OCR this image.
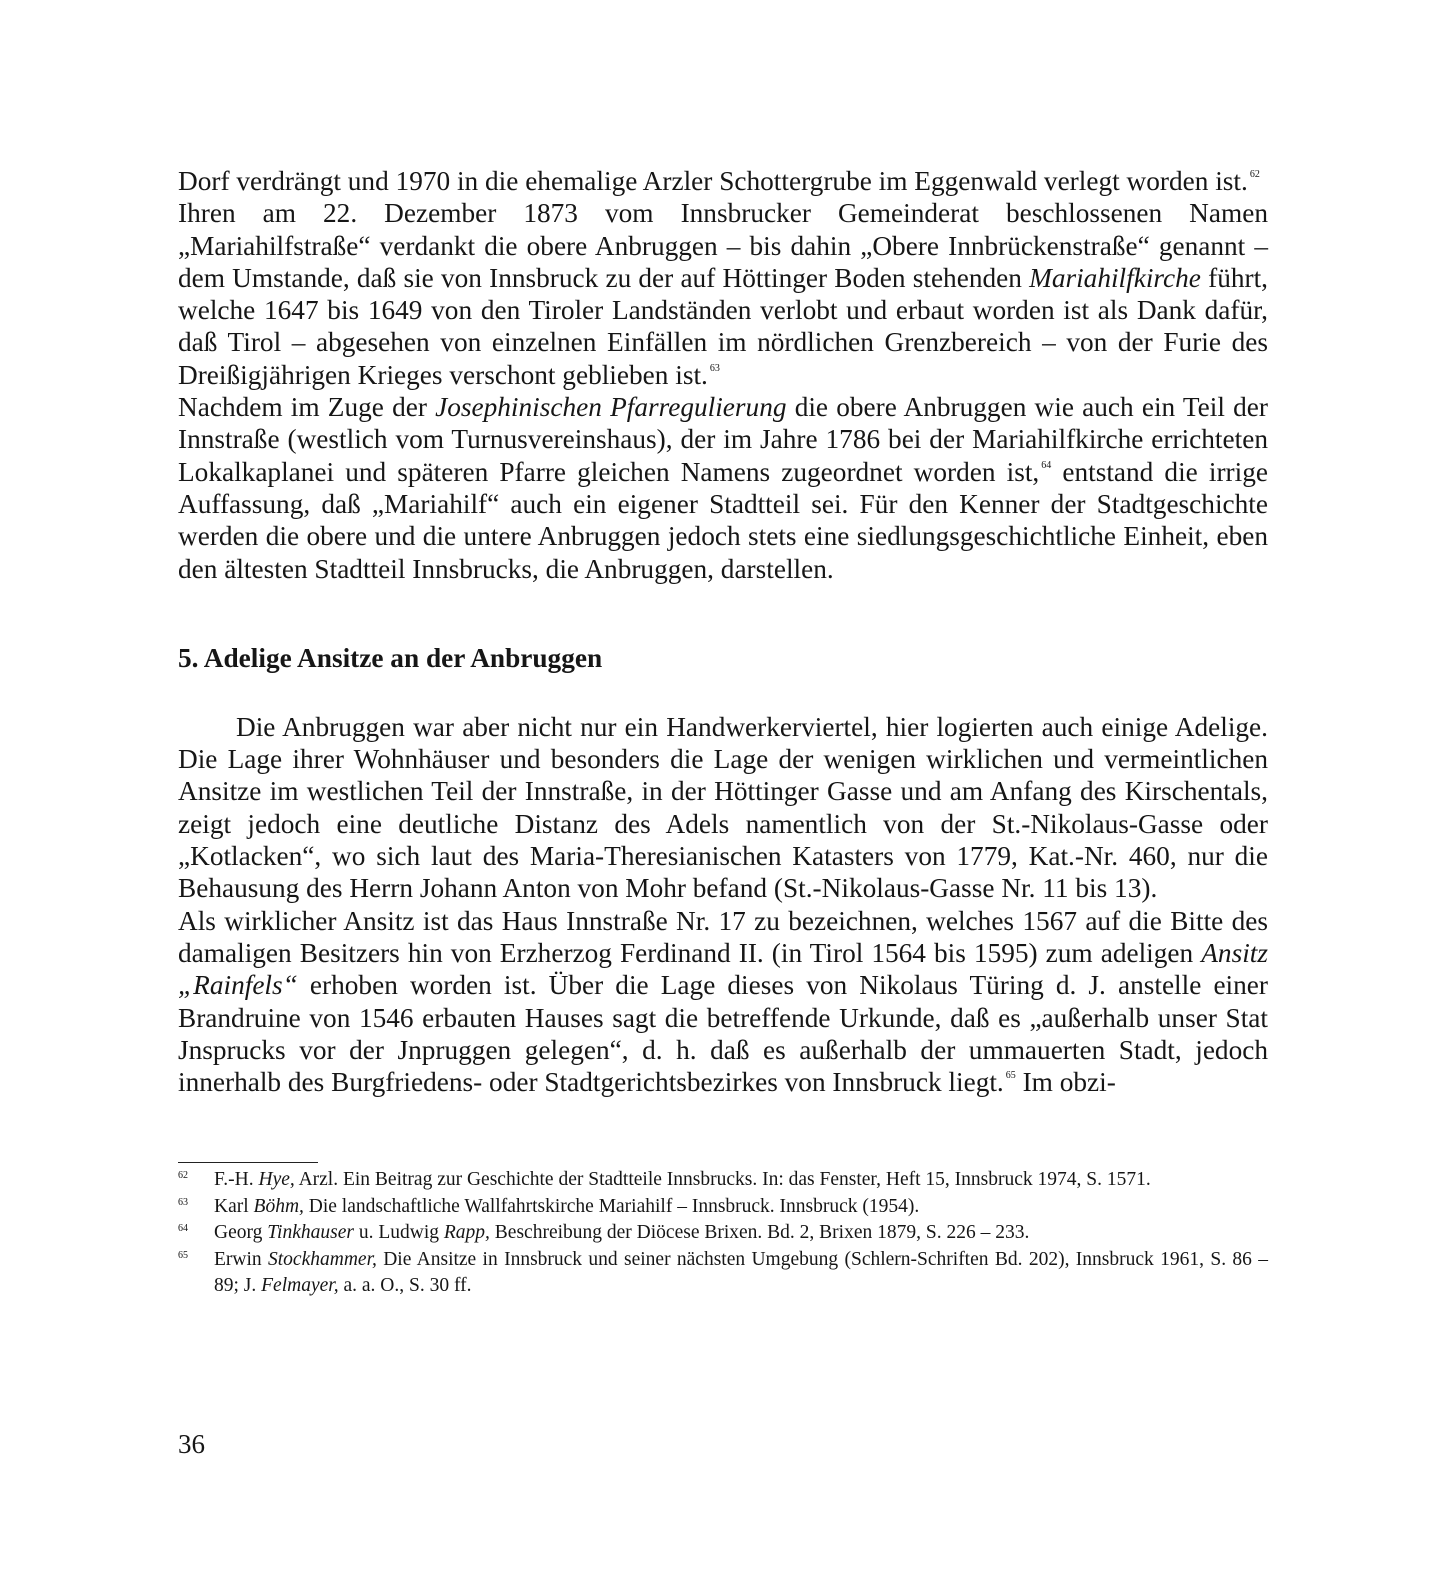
Dorf verdrängt und 1970 in die ehemalige Arzler Schottergrube im Eggenwald verlegt worden ist. $^{62}$

Ihren am 22. Dezember 1873 vom Innsbrucker Gemeinderat beschlossenen Namen „Mariahilfstraße“ verdankt die obere Anbruggen – bis dahin „Obere Innbrückenstraße“ genannt – dem Umstande, daß sie von Innsbruck zu der auf Höttinger Boden stehenden Mariahilfkirche führt, welche 1647 bis 1649 von den Tiroler Landständen verlobt und erbaut worden ist als Dank dafür, daß Tirol – abgesehen von einzelnen Einfällen im nördlichen Grenzbereich – von der Furie des Dreißigjährigen Krieges verschont geblieben ist. $^{63}$

Nachdem im Zuge der Josephinischen Pfarregulierung die obere Anbruggen wie auch ein Teil der Innstraße (westlich vom Turnusvereinshaus), der im Jahre 1786 bei der Mariahilfkirche errichteten Lokalkaplanei und späteren Pfarre gleichen Namens zugeordnet worden ist, $^{64}$ entstand die irrige Auffassung, daß „Mariahilf“ auch ein eigener Stadtteil sei. Für den Kenner der Stadtgeschichte werden die obere und die untere Anbruggen jedoch stets eine siedlungsgeschichtliche Einheit, eben den ältesten Stadtteil Innsbrucks, die Anbruggen, darstellen.

5. Adelige Ansitze an der Anbruggen

Die Anbruggen war aber nicht nur ein Handwerkerviertel, hier logierten auch einige Adelige. Die Lage ihrer Wohnhäuser und besonders die Lage der wenigen wirklichen und vermeintlichen Ansitze im westlichen Teil der Innstraße, in der Höttinger Gasse und am Anfang des Kirschentals, zeigt jedoch eine deutliche Distanz des Adels namentlich von der St.-Nikolaus-Gasse oder „Kotlacken“, wo sich laut des Maria-Theresianischen Katasters von 1779, Kat.-Nr. 460, nur die Behausung des Herrn Johann Anton von Mohr befand (St.-Nikolaus-Gasse Nr. 11 bis 13).

Als wirklicher Ansitz ist das Haus Innstraße Nr. 17 zu bezeichnen, welches 1567 auf die Bitte des damaligen Besitzers hin von Erzherzog Ferdinand II. (in Tirol 1564 bis 1595) zum adeligen Ansitz „Rainfels“ erhoben worden ist. Über die Lage dieses von Nikolaus Türing d. J. anstelle einer Brandruine von 1546 erbauten Hauses sagt die betreffende Urkunde, daß es „außerhalb unser Stat Jnsprucks vor der Jnpruggen gelegen“, d. h. daß es außerhalb der ummauerten Stadt, jedoch innerhalb des Burgfriedens- oder Stadtgerichtsbezirkes von Innsbruck liegt. $^{65}$ Im obzi-

62	F.-H. Hye, Arzl. Ein Beitrag zur Geschichte der Stadtteile Innsbrucks. In: das Fenster, Heft 15, Innsbruck 1974, S. 1571.
63	Karl Böhm, Die landschaftliche Wallfahrtskirche Mariahilf – Innsbruck. Innsbruck (1954).
64	Georg Tinkhauser u. Ludwig Rapp, Beschreibung der Diöcese Brixen. Bd. 2, Brixen 1879, S. 226 – 233.
65	Erwin Stockhammer, Die Ansitze in Innsbruck und seiner nächsten Umgebung (Schlern-Schriften Bd. 202), Innsbruck 1961, S. 86 – 89; J. Felmayer, a. a. O., S. 30 ff.
36
